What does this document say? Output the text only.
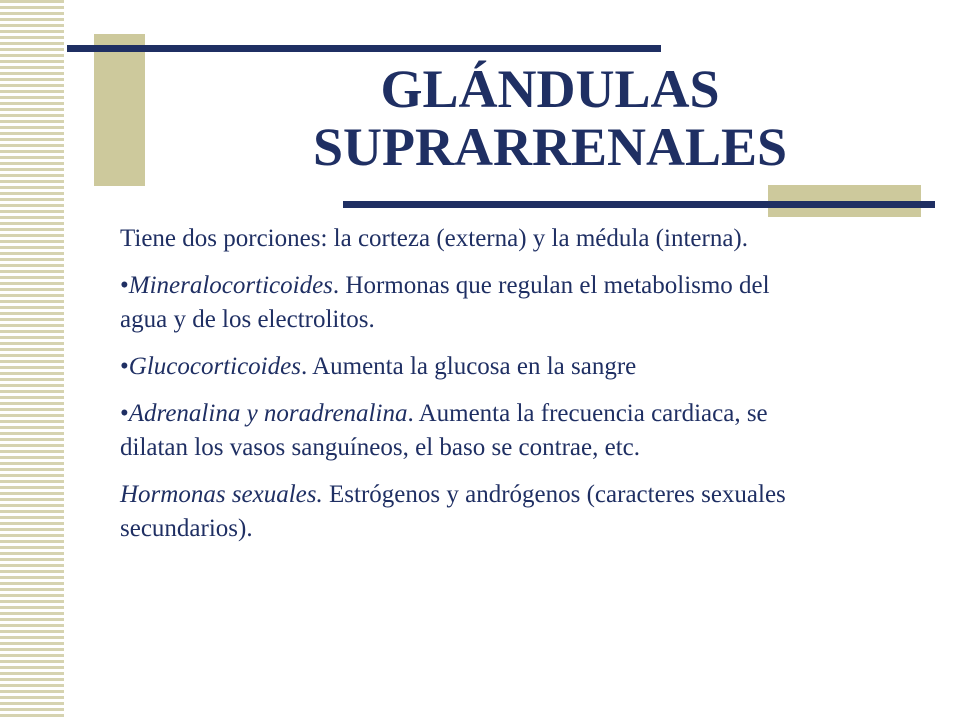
GLÁNDULAS
SUPRARRENALES

Tiene dos porciones: la corteza (externa) y la médula (interna).

•Mineralocorticoides. Hormonas que regulan el metabolismo del agua y de los electrolitos.

•Glucocorticoides. Aumenta la glucosa en la sangre

•Adrenalina y noradrenalina. Aumenta la frecuencia cardiaca, se dilatan los vasos sanguíneos, el baso se contrae, etc.

Hormonas sexuales. Estrógenos y andrógenos (caracteres sexuales secundarios).
